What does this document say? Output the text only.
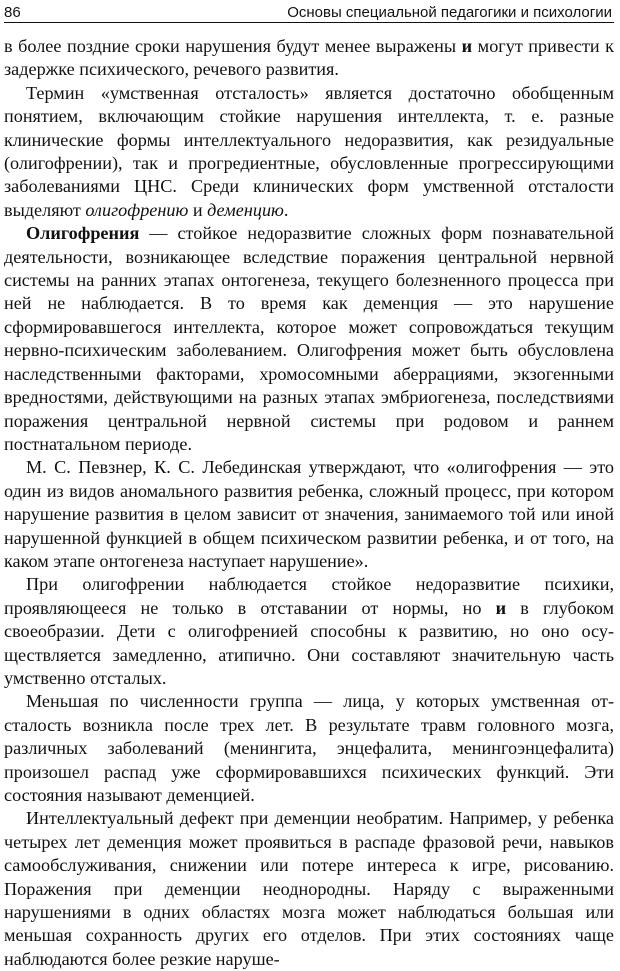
86	Основы специальной педагогики и психологии

в более поздние сроки нарушения будут менее выражены и могут привести к задержке психического, речевого развития.

Термин «умственная отсталость» является достаточно обобщенным понятием, включающим стойкие нарушения интеллекта, т. е. разные клинические формы интеллектуального недоразвития, как резидуальные (олигофрении), так и прогредиентные, обусловленные прогрессирующими заболеваниями ЦНС. Среди клинических форм умственной отсталости выделяют олигофрению и деменцию.

Олигофрения — стойкое недоразвитие сложных форм познавательной деятельности, возникающее вследствие поражения центральной нервной системы на ранних этапах онтогенеза, текущего болезненного процесса при ней не наблюдается. В то время как деменция — это нарушение сформировавшегося интеллекта, которое может сопровождаться текущим нервно-психическим заболеванием. Олигофрения может быть обусловлена наследственными факторами, хромосомными аберрациями, экзогенными вредностями, действующими на разных этапах эмбриогенеза, последствиями поражения центральной нервной системы при родовом и раннем постнатальном периоде.

М. С. Певзнер, К. С. Лебединская утверждают, что «олигофрения — это один из видов аномального развития ребенка, сложный процесс, при котором нарушение развития в целом зависит от значения, занимаемого той или иной нарушенной функцией в общем психическом развитии ребенка, и от того, на каком этапе онтогенеза наступает нарушение».

При олигофрении наблюдается стойкое недоразвитие психики, проявляющееся не только в отставании от нормы, но и в глубоком своеобразии. Дети с олигофренией способны к развитию, но оно осуществляется замедленно, атипично. Они составляют значительную часть умственно отсталых.

Меньшая по численности группа — лица, у которых умственная отсталость возникла после трех лет. В результате травм головного мозга, различных заболеваний (менингита, энцефалита, менингоэнцефалита) произошел распад уже сформировавшихся психических функций. Эти состояния называют деменцией.

Интеллектуальный дефект при деменции необратим. Например, у ребенка четырех лет деменция может проявиться в распаде фразовой речи, навыков самообслуживания, снижении или потере интереса к игре, рисованию. Поражения при деменции неоднородны. Наряду с выраженными нарушениями в одних областях мозга может наблюдаться большая или меньшая сохранность других его отделов. При этих состояниях чаще наблюдаются более резкие наруше-
